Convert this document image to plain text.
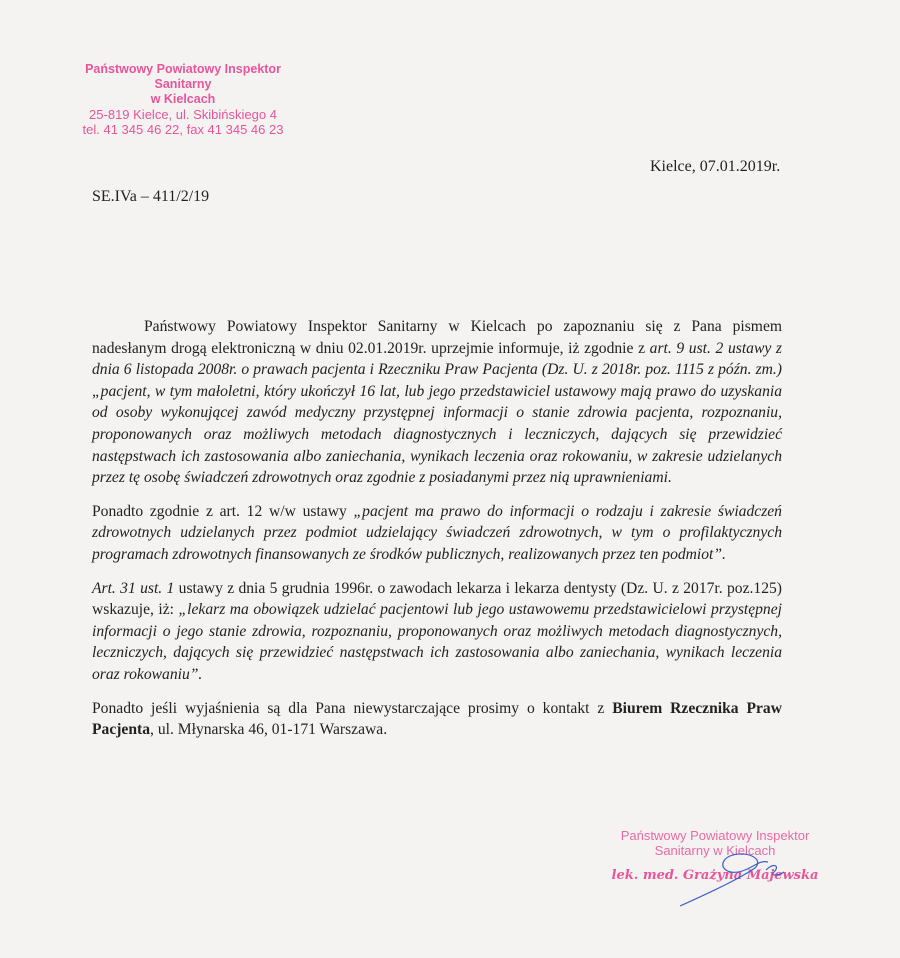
Państwowy Powiatowy Inspektor Sanitarny
w Kielcach
25-819 Kielce, ul. Skibińskiego 4
tel. 41 345 46 22, fax 41 345 46 23
Kielce, 07.01.2019r.
SE.IVa – 411/2/19

Państwowy Powiatowy Inspektor Sanitarny w Kielcach po zapoznaniu się z Pana pismem nadesłanym drogą elektroniczną w dniu 02.01.2019r. uprzejmie informuje, iż zgodnie z art. 9 ust. 2 ustawy z dnia 6 listopada 2008r. o prawach pacjenta i Rzeczniku Praw Pacjenta (Dz. U. z 2018r. poz. 1115 z późn. zm.) „pacjent, w tym małoletni, który ukończył 16 lat, lub jego przedstawiciel ustawowy mają prawo do uzyskania od osoby wykonującej zawód medyczny przystępnej informacji o stanie zdrowia pacjenta, rozpoznaniu, proponowanych oraz możliwych metodach diagnostycznych i leczniczych, dających się przewidzieć następstwach ich zastosowania albo zaniechania, wynikach leczenia oraz rokowaniu, w zakresie udzielanych przez tę osobę świadczeń zdrowotnych oraz zgodnie z posiadanymi przez nią uprawnieniami.

Ponadto zgodnie z art. 12 w/w ustawy „pacjent ma prawo do informacji o rodzaju i zakresie świadczeń zdrowotnych udzielanych przez podmiot udzielający świadczeń zdrowotnych, w tym o profilaktycznych programach zdrowotnych finansowanych ze środków publicznych, realizowanych przez ten podmiot”.

Art. 31 ust. 1 ustawy z dnia 5 grudnia 1996r. o zawodach lekarza i lekarza dentysty (Dz. U. z 2017r. poz.125) wskazuje, iż: „lekarz ma obowiązek udzielać pacjentowi lub jego ustawowemu przedstawicielowi przystępnej informacji o jego stanie zdrowia, rozpoznaniu, proponowanych oraz możliwych metodach diagnostycznych, leczniczych, dających się przewidzieć następstwach ich zastosowania albo zaniechania, wynikach leczenia oraz rokowaniu”.

Ponadto jeśli wyjaśnienia są dla Pana niewystarczające prosimy o kontakt z Biurem Rzecznika Praw Pacjenta, ul. Młynarska 46, 01-171 Warszawa.

Państwowy Powiatowy Inspektor
Sanitarny w Kielcach
lek. med. Grażyna Majewska
